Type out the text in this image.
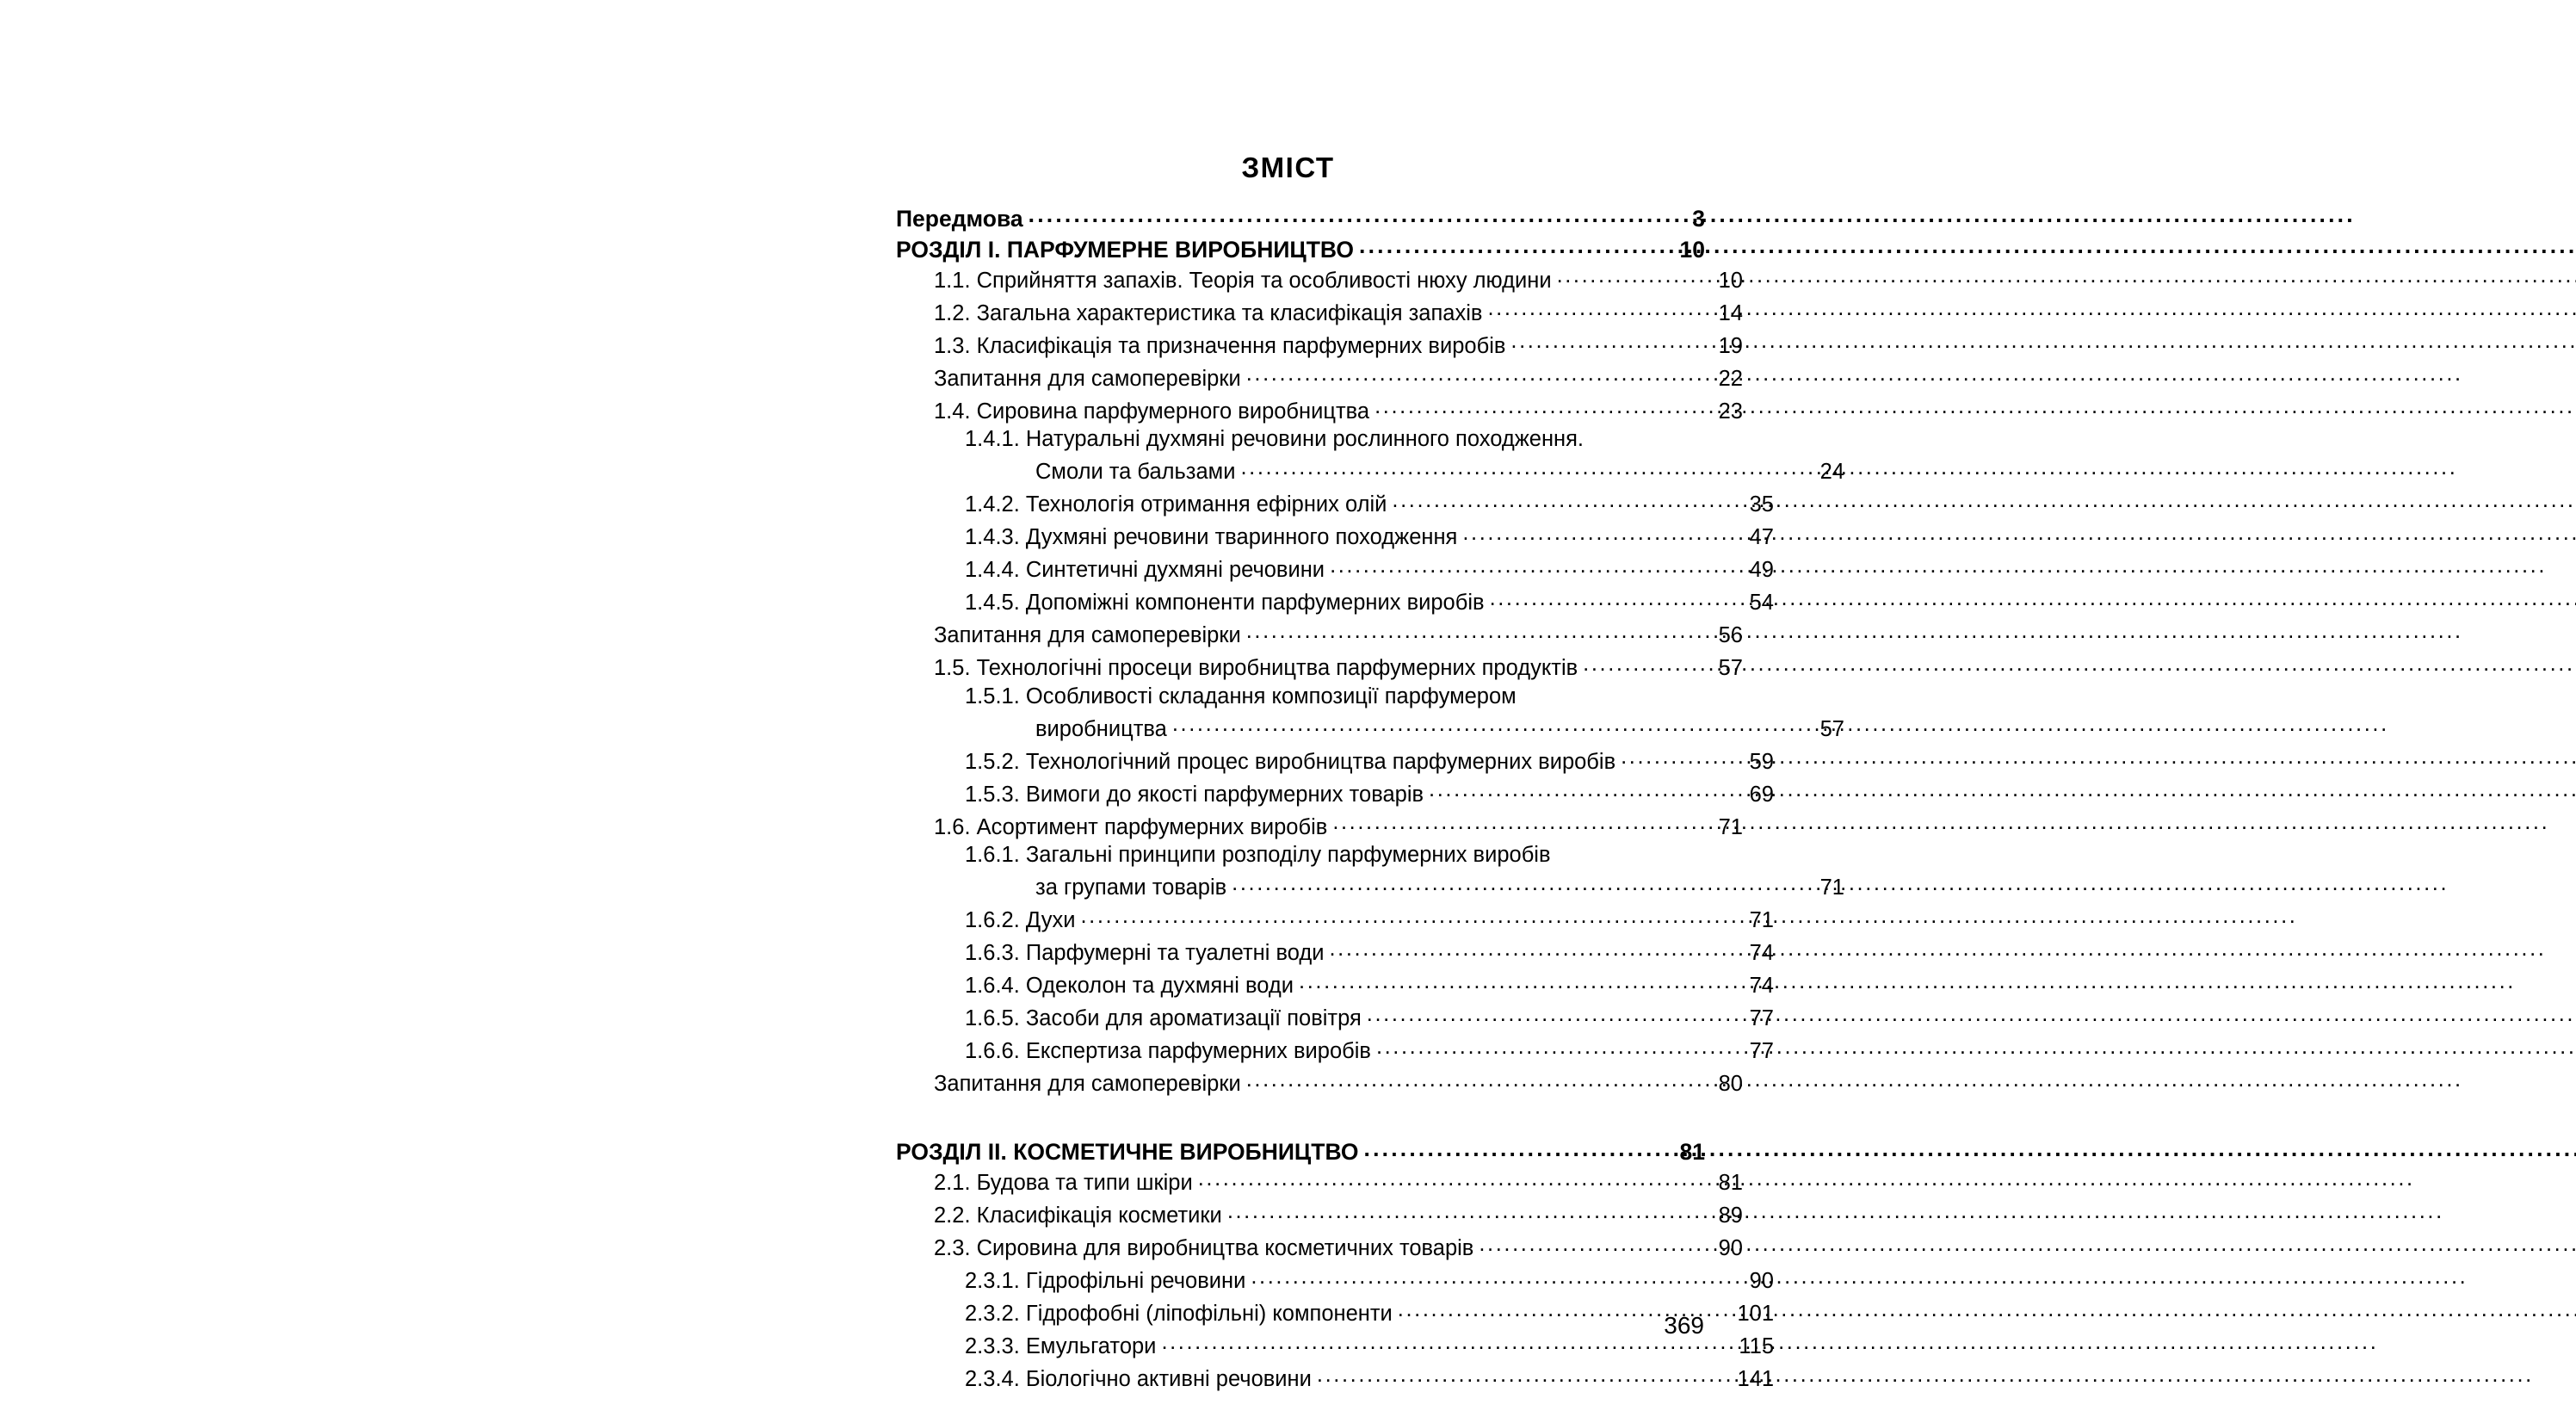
ЗМІСТ
Передмова .....	3
РОЗДІЛ І. ПАРФУМЕРНЕ ВИРОБНИЦТВО .....	10
1.1. Сприйняття запахів. Теорія та особливості нюху людини .....	10
1.2. Загальна характеристика та класифікація запахів .....	14
1.3. Класифікація та призначення парфумерних виробів .....	19
Запитання для самоперевірки .....	22
1.4. Сировина парфумерного виробництва .....	23
1.4.1. Натуральні духмяні речовини рослинного походження.
Смоли та бальзами .....	24
1.4.2. Технологія отримання ефірних олій .....	35
1.4.3. Духмяні речовини тваринного походження .....	47
1.4.4. Синтетичні духмяні речовини .....	49
1.4.5. Допоміжні компоненти парфумерних виробів .....	54
Запитання для самоперевірки .....	56
1.5. Технологічні просеци виробництва парфумерних продуктів .....	57
1.5.1. Особливості складання композиції парфумером
виробництва .....	57
1.5.2. Технологічний процес виробництва парфумерних виробів .....	59
1.5.3. Вимоги до якості парфумерних товарів .....	69
1.6. Асортимент парфумерних виробів .....	71
1.6.1. Загальні принципи розподілу парфумерних виробів
за групами товарів .....	71
1.6.2. Духи .....	71
1.6.3. Парфумерні та туалетні води .....	74
1.6.4. Одеколон та духмяні води .....	74
1.6.5. Засоби для ароматизації повітря .....	77
1.6.6. Експертиза парфумерних виробів .....	77
Запитання для самоперевірки .....	80
РОЗДІЛ ІІ. КОСМЕТИЧНЕ ВИРОБНИЦТВО .....	81
2.1. Будова та типи шкіри .....	81
2.2. Класифікація косметики .....	89
2.3. Сировина для виробництва косметичних товарів .....	90
2.3.1. Гідрофільні речовини .....	90
2.3.2. Гідрофобні (ліпофільні) компоненти .....	101
2.3.3. Емульгатори .....	115
2.3.4. Біологічно активні речовини .....	141
369
